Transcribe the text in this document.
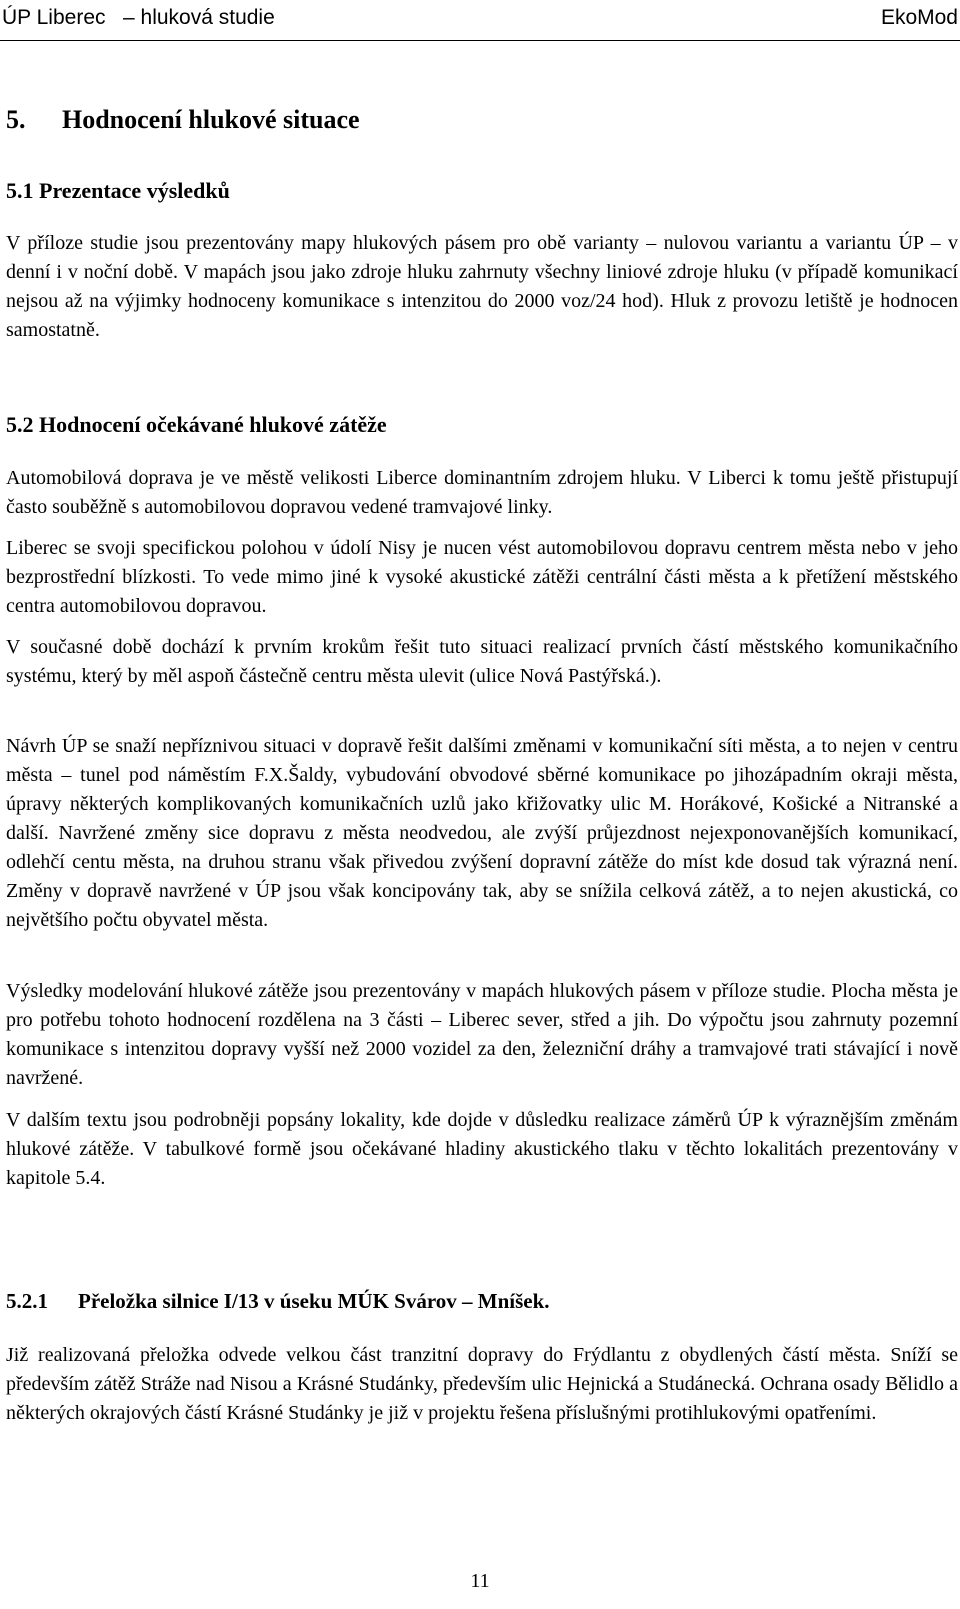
ÚP Liberec   – hluková studie	EkoMod
5. Hodnocení hlukové situace
5.1 Prezentace výsledků

V příloze studie jsou prezentovány mapy hlukových pásem pro obě varianty – nulovou variantu a variantu ÚP – v denní i v noční době. V mapách jsou jako zdroje hluku zahrnuty všechny liniové zdroje hluku (v případě komunikací nejsou až na výjimky hodnoceny komunikace s intenzitou do 2000 voz/24 hod). Hluk z provozu letiště je hodnocen samostatně.

5.2 Hodnocení očekávané hlukové zátěže

Automobilová doprava je ve městě velikosti Liberce dominantním zdrojem hluku. V Liberci k tomu ještě přistupují často souběžně s automobilovou dopravou vedené tramvajové linky.

Liberec se svoji specifickou polohou v údolí Nisy je nucen vést automobilovou dopravu centrem města nebo v jeho bezprostřední blízkosti. To vede mimo jiné k vysoké akustické zátěži centrální části města a k přetížení městského centra automobilovou dopravou.

V současné době dochází k prvním krokům řešit tuto situaci realizací prvních částí městského komunikačního systému, který by měl aspoň částečně centru města ulevit (ulice Nová Pastýřská.).

Návrh ÚP se snaží nepříznivou situaci v dopravě řešit dalšími změnami v komunikační síti města, a to nejen v centru města – tunel pod náměstím F.X.Šaldy, vybudování obvodové sběrné komunikace po jihozápadním okraji města, úpravy některých komplikovaných komunikačních uzlů jako křižovatky ulic M. Horákové, Košické a Nitranské a další. Navržené změny sice dopravu z města neodvedou, ale zvýší průjezdnost nejexponovanějších komunikací, odlehčí centu města, na druhou stranu však přivedou zvýšení dopravní zátěže do míst kde dosud tak výrazná není. Změny v dopravě navržené v ÚP jsou však koncipovány tak, aby se snížila celková zátěž, a to nejen akustická, co největšího počtu obyvatel města.

Výsledky modelování hlukové zátěže jsou prezentovány v mapách hlukových pásem v příloze studie. Plocha města je pro potřebu tohoto hodnocení rozdělena na 3 části – Liberec sever, střed a jih. Do výpočtu jsou zahrnuty pozemní komunikace s intenzitou dopravy vyšší než 2000 vozidel za den, železniční dráhy a tramvajové trati stávající i nově navržené.

V dalším textu jsou podrobněji popsány lokality, kde dojde v důsledku realizace záměrů ÚP k výraznějším změnám hlukové zátěže. V tabulkové formě jsou očekávané hladiny akustického tlaku v těchto lokalitách prezentovány v kapitole 5.4.

5.2.1 Přeložka silnice I/13 v úseku MÚK Svárov – Mníšek.

Již realizovaná přeložka odvede velkou část tranzitní dopravy do Frýdlantu z obydlených částí města. Sníží se především zátěž Stráže nad Nisou a Krásné Studánky, především ulic Hejnická a Studánecká. Ochrana osady Bělidlo a některých okrajových částí Krásné Studánky je již v projektu řešena příslušnými protihlukovými opatřeními.

11
